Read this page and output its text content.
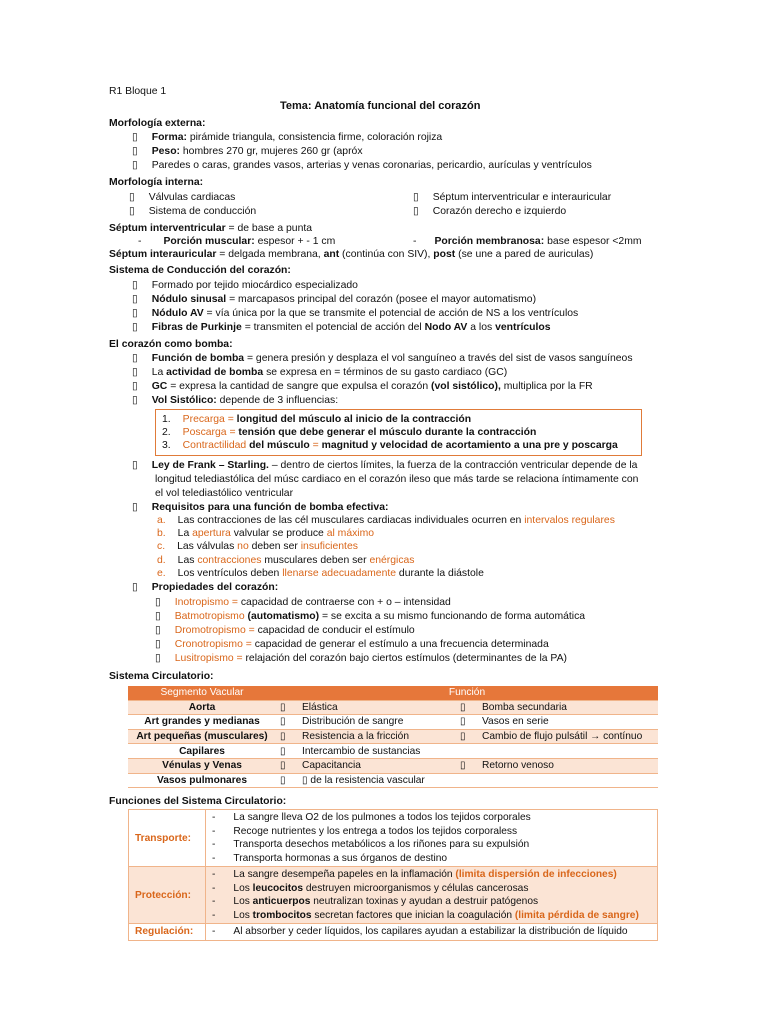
R1 Bloque 1
Tema: Anatomía funcional del corazón
Morfología externa:
▯ Forma: pirámide triangula, consistencia firme, coloración rojiza
▯ Peso: hombres 270 gr, mujeres 260 gr (apróx
▯ Paredes o caras, grandes vasos, arterias y venas coronarias, pericardio, aurículas y ventrículos
Morfología interna:
▯ Válvulas cardiacas
▯ Sistema de conducción
▯ Séptum interventricular e interauricular
▯ Corazón derecho e izquierdo
Séptum interventricular = de base a punta
- Porción muscular: espesor + - 1 cm	- Porción membranosa: base espesor <2mm
Séptum interauricular = delgada membrana, ant (continúa con SIV), post (se une a pared de auriculas)
Sistema de Conducción del corazón:
▯ Formado por tejido miocárdico especializado
▯ Nódulo sinusal = marcapasos principal del corazón (posee el mayor automatismo)
▯ Nódulo AV = vía única por la que se transmite el potencial de acción de NS a los ventrículos
▯ Fibras de Purkinje = transmiten el potencial de acción del Nodo AV a los ventrículos
El corazón como bomba:
▯ Función de bomba = genera presión y desplaza el vol sanguíneo a través del sist de vasos sanguíneos
▯ La actividad de bomba se expresa en = términos de su gasto cardiaco (GC)
▯ GC = expresa la cantidad de sangre que expulsa el corazón (vol sistólico), multiplica por la FR
▯ Vol Sistólico: depende de 3 influencias:
1. Precarga = longitud del músculo al inicio de la contracción
2. Poscarga = tensión que debe generar el músculo durante la contracción
3. Contractilidad del músculo = magnitud y velocidad de acortamiento a una pre y poscarga
▯ Ley de Frank – Starling. – dentro de ciertos límites, la fuerza de la contracción ventricular depende de la
longitud telediastólica del músc cardiaco en el corazón ileso que más tarde se relaciona íntimamente con
el vol telediastólico ventricular
▯ Requisitos para una función de bomba efectiva:
a. Las contracciones de las cél musculares cardiacas individuales ocurren en intervalos regulares
b. La apertura valvular se produce al máximo
c. Las válvulas no deben ser insuficientes
d. Las contracciones musculares deben ser enérgicas
e. Los ventrículos deben llenarse adecuadamente durante la diástole
▯ Propiedades del corazón:
▯ Inotropismo = capacidad de contraerse con + o – intensidad
▯ Batmotropismo (automatismo) = se excita a su mismo funcionando de forma automática
▯ Dromotropismo = capacidad de conducir el estímulo
▯ Cronotropismo = capacidad de generar el estímulo a una frecuencia determinada
▯ Lusitropismo = relajación del corazón bajo ciertos estímulos (determinantes de la PA)
Sistema Circulatorio:
Segmento Vacular	Función			
Aorta	▯	Elástica	▯	Bomba secundaria
Art grandes y medianas	▯	Distribución de sangre	▯	Vasos en serie
Art pequeñas (musculares)	▯	Resistencia a la fricción	▯	Cambio de flujo pulsátil → contínuo
Capilares	▯	Intercambio de sustancias		
Vénulas y Venas	▯	Capacitancia	▯	Retorno venoso
Vasos pulmonares	▯	▯ de la resistencia vascular		
Funciones del Sistema Circulatorio:
Transporte:	- La sangre lleva O2 de los pulmones a todos los tejidos corporales
- Recoge nutrientes y los entrega a todos los tejidos corporaless
- Transporta desechos metabólicos a los riñones para su expulsión
- Transporta hormonas a sus órganos de destino

Protección:	- La sangre desempeña papeles en la inflamación (limita dispersión de infecciones)
- Los leucocitos destruyen microorganismos y células cancerosas
- Los anticuerpos neutralizan toxinas y ayudan a destruir patógenos
- Los trombocitos secretan factores que inician la coagulación (limita pérdida de sangre)

Regulación:	- Al absorber y ceder líquidos, los capilares ayudan a estabilizar la distribución de líquido
